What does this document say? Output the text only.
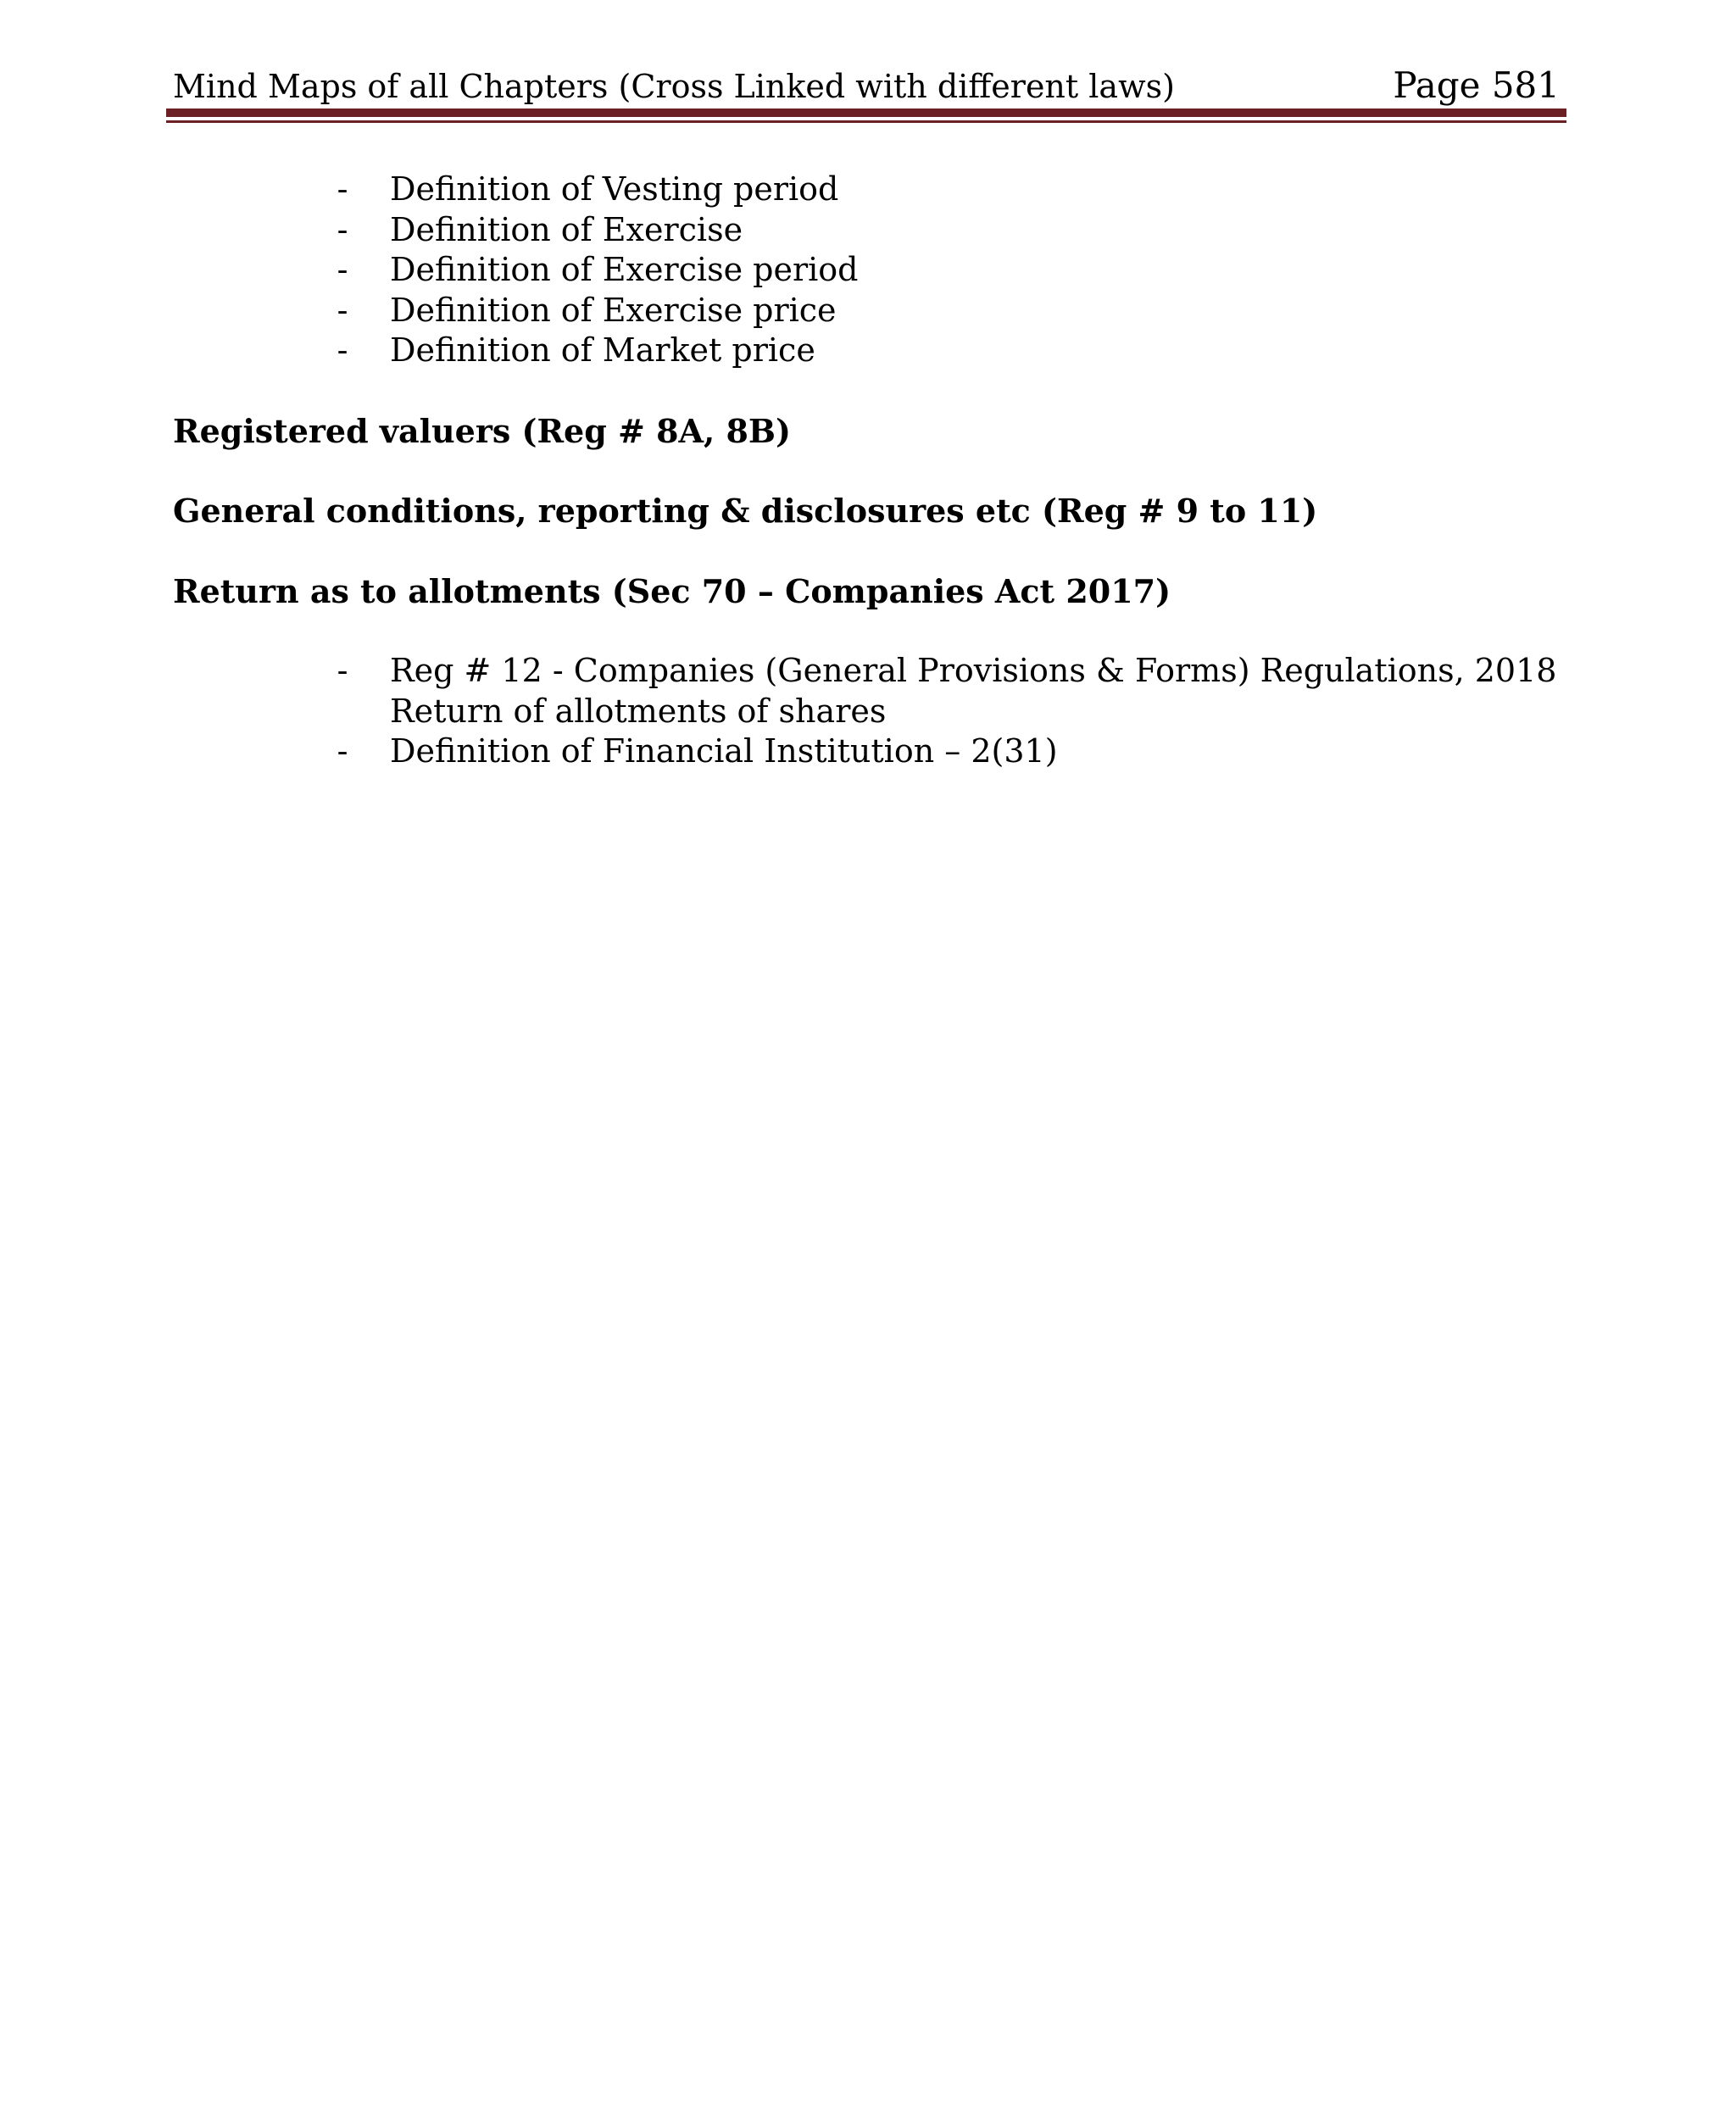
Mind Maps of all Chapters (Cross Linked with different laws)	Page 581
-	Definition of Vesting period
-	Definition of Exercise
-	Definition of Exercise period
-	Definition of Exercise price
-	Definition of Market price

Registered valuers (Reg # 8A, 8B)

General conditions, reporting & disclosures etc (Reg # 9 to 11)

Return as to allotments (Sec 70 – Companies Act 2017)

-	Reg # 12 - Companies (General Provisions & Forms) Regulations, 2018 Return of allotments of shares
-	Definition of Financial Institution – 2(31)
